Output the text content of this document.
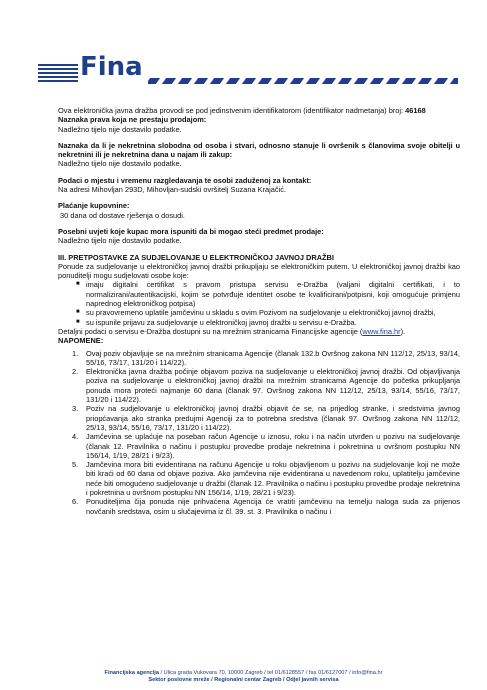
Fina

Ova elektronička javna dražba provodi se pod jedinstvenim identifikatorom (identifikator nadmetanja) broj: 46168

Naznaka prava koja ne prestaju prodajom:

Nadležno tijelo nije dostavilo podatke.

Naznaka da li je nekretnina slobodna od osoba i stvari, odnosno stanuje li ovršenik s članovima svoje obitelji u nekretnini ili je nekretnina dana u najam ili zakup:

Nadležno tijelo nije dostavilo podatke.

Podaci o mjestu i vremenu razgledavanja te osobi zaduženoj za kontakt:

Na adresi Mihovljan 293D, Mihovljan-sudski ovršitelj Suzana Krajačić.

Plaćanje kupovnine:

30 dana od dostave rješenja o dosudi.

Posebni uvjeti koje kupac mora ispuniti da bi mogao steći predmet prodaje:

Nadležno tijelo nije dostavilo podatke.

III. PRETPOSTAVKE ZA SUDJELOVANJE U ELEKTRONIČKOJ JAVNOJ DRAŽBI

Ponude za sudjelovanje u elektroničkoj javnoj dražbi prikupljaju se elektroničkim putem. U elektroničkoj javnoj dražbi kao ponuditelji mogu sudjelovati osobe koje:

■ imaju digitalni certifikat s pravom pristupa servisu e-Dražba (valjani digitalni certifikati, i to normalizirani/autentikacijski, kojim se potvrđuje identitet osobe te kvalificirani/potpisni, koji omogućuje primjenu naprednog elektroničkog potpisa)
■ su pravovremeno uplatile jamčevinu u skladu s ovim Pozivom na sudjelovanje u elektroničkoj javnoj dražbi,
■ su ispunile prijavu za sudjelovanje u elektroničkoj javnoj dražbi u servisu e-Dražba.

Detaljni podaci o servisu e-Dražba dostupni su na mrežnim stranicama Financijske agencije (www.fina.hr).

NAPOMENE:

1. Ovaj poziv objavljuje se na mrežnim stranicama Agencije (članak 132.b Ovršnog zakona NN 112/12, 25/13, 93/14, 55/16, 73/17, 131/20 i 114/22).
2. Elektronička javna dražba počinje objavom poziva na sudjelovanje u elektroničkoj javnoj dražbi. Od objavljivanja poziva na sudjelovanje u elektroničkoj javnoj dražbi na mrežnim stranicama Agencije do početka prikupljanja ponuda mora proteći najmanje 60 dana (članak 97. Ovršnog zakona NN 112/12, 25/13, 93/14, 55/16, 73/17, 131/20 i 114/22).
3. Poziv na sudjelovanje u elektroničkoj javnoj dražbi objavit će se, na prijedlog stranke, i sredstvima javnog priopćavanja ako stranka predujmi Agenciji za to potrebna sredstva (članak 97. Ovršnog zakona NN 112/12, 25/13, 93/14, 55/16, 73/17, 131/20 i 114/22).
4. Jamčevina se uplaćuje na poseban račun Agencije u iznosu, roku i na način utvrđen u pozivu na sudjelovanje (članak 12. Pravilnika o načinu i postupku provedbe prodaje nekretnina i pokretnina u ovršnom postupku NN 156/14, 1/19, 28/21 i 9/23).
5. Jamčevina mora biti evidentirana na računu Agencije u roku objavljenom u pozivu na sudjelovanje koji ne može biti kraći od 60 dana od objave poziva. Ako jamčevina nije evidentirana u navedenom roku, uplatitelju jamčevine neće biti omogućeno sudjelovanje u dražbi (članak 12. Pravilnika o načinu i postupku provedbe prodaje nekretnina i pokretnina u ovršnom postupku NN 156/14, 1/19, 28/21 i 9/23).
6. Ponuditeljima čija ponuda nije prihvaćena Agencija će vratiti jamčevinu na temelju naloga suda za prijenos novčanih sredstava, osim u slučajevima iz čl. 39. st. 3. Pravilnika o načinu i
Financijska agencija / Ulica grada Vukovara 70, 10000 Zagreb / tel 01/6128557 / fax 01/6127007 / info@fina.hr
Sektor poslovne mreže / Regionalni centar Zagreb / Odjel javnih servisa
